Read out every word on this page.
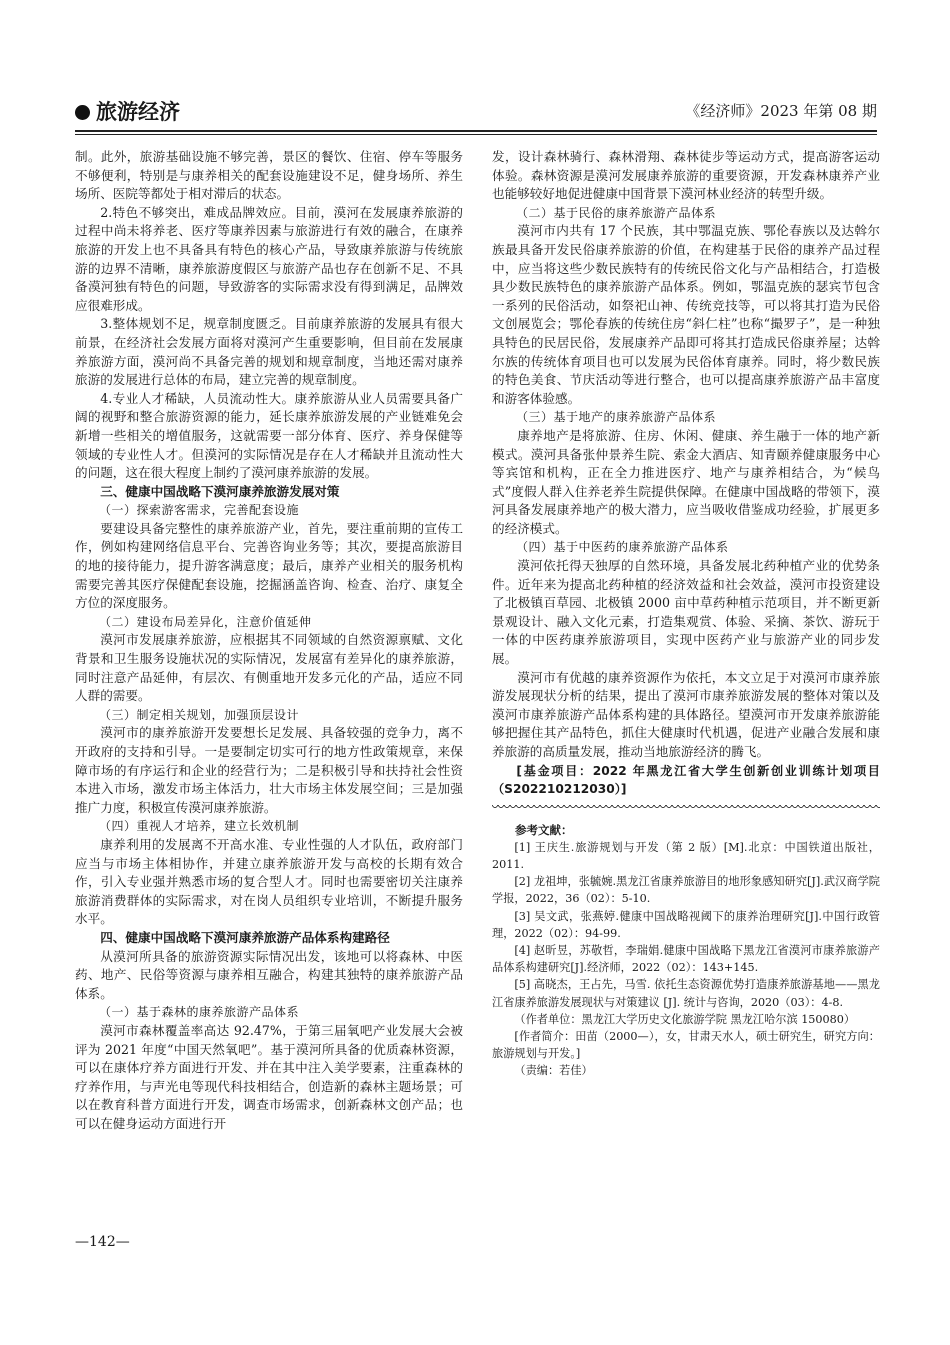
旅游经济	《经济师》2023 年第 08 期

制。此外，旅游基础设施不够完善，景区的餐饮、住宿、停车等服务不够便利，特别是与康养相关的配套设施建设不足，健身场所、养生场所、医院等都处于相对滞后的状态。

2.特色不够突出，难成品牌效应。目前，漠河在发展康养旅游的过程中尚未将养老、医疗等康养因素与旅游进行有效的融合，在康养旅游的开发上也不具备具有特色的核心产品，导致康养旅游与传统旅游的边界不清晰，康养旅游度假区与旅游产品也存在创新不足、不具备漠河独有特色的问题，导致游客的实际需求没有得到满足，品牌效应很难形成。

3.整体规划不足，规章制度匮乏。目前康养旅游的发展具有很大前景，在经济社会发展方面将对漠河产生重要影响，但目前在发展康养旅游方面，漠河尚不具备完善的规划和规章制度，当地还需对康养旅游的发展进行总体的布局，建立完善的规章制度。

4.专业人才稀缺，人员流动性大。康养旅游从业人员需要具备广阔的视野和整合旅游资源的能力，延长康养旅游发展的产业链难免会新增一些相关的增值服务，这就需要一部分体育、医疗、养身保健等领域的专业性人才。但漠河的实际情况是存在人才稀缺并且流动性大的问题，这在很大程度上制约了漠河康养旅游的发展。

三、健康中国战略下漠河康养旅游发展对策

（一）探索游客需求，完善配套设施

要建设具备完整性的康养旅游产业，首先，要注重前期的宣传工作，例如构建网络信息平台、完善咨询业务等；其次，要提高旅游目的地的接待能力，提升游客满意度；最后，康养产业相关的服务机构需要完善其医疗保健配套设施，挖掘涵盖咨询、检查、治疗、康复全方位的深度服务。

（二）建设布局差异化，注意价值延伸

漠河市发展康养旅游，应根据其不同领域的自然资源禀赋、文化背景和卫生服务设施状况的实际情况，发展富有差异化的康养旅游，同时注意产品延伸，有层次、有侧重地开发多元化的产品，适应不同人群的需要。

（三）制定相关规划，加强顶层设计

漠河市的康养旅游开发要想长足发展、具备较强的竞争力，离不开政府的支持和引导。一是要制定切实可行的地方性政策规章，来保障市场的有序运行和企业的经营行为；二是积极引导和扶持社会性资本进入市场，激发市场主体活力，壮大市场主体发展空间；三是加强推广力度，积极宣传漠河康养旅游。

（四）重视人才培养，建立长效机制

康养利用的发展离不开高水准、专业性强的人才队伍，政府部门应当与市场主体相协作，并建立康养旅游开发与高校的长期有效合作，引入专业强并熟悉市场的复合型人才。同时也需要密切关注康养旅游消费群体的实际需求，对在岗人员组织专业培训，不断提升服务水平。

四、健康中国战略下漠河康养旅游产品体系构建路径

从漠河所具备的旅游资源实际情况出发，该地可以将森林、中医药、地产、民俗等资源与康养相互融合，构建其独特的康养旅游产品体系。

（一）基于森林的康养旅游产品体系

漠河市森林覆盖率高达 92.47%，于第三届氧吧产业发展大会被评为 2021 年度“中国天然氧吧”。基于漠河所具备的优质森林资源，可以在康体疗养方面进行开发、并在其中注入美学要素，注重森林的疗养作用，与声光电等现代科技相结合，创造新的森林主题场景；可以在教育科普方面进行开发，调查市场需求，创新森林文创产品；也可以在健身运动方面进行开

发，设计森林骑行、森林滑翔、森林徒步等运动方式，提高游客运动体验。森林资源是漠河发展康养旅游的重要资源，开发森林康养产业也能够较好地促进健康中国背景下漠河林业经济的转型升级。

（二）基于民俗的康养旅游产品体系

漠河市内共有 17 个民族，其中鄂温克族、鄂伦春族以及达斡尔族最具备开发民俗康养旅游的价值，在构建基于民俗的康养产品过程中，应当将这些少数民族特有的传统民俗文化与产品相结合，打造极具少数民族特色的康养旅游产品体系。例如，鄂温克族的瑟宾节包含一系列的民俗活动，如祭祀山神、传统竞技等，可以将其打造为民俗文创展览会；鄂伦春族的传统住房“斜仁柱”也称“撮罗子”，是一种独具特色的民居民俗，发展康养产品即可将其打造成民俗康养屋；达斡尔族的传统体育项目也可以发展为民俗体育康养。同时，将少数民族的特色美食、节庆活动等进行整合，也可以提高康养旅游产品丰富度和游客体验感。

（三）基于地产的康养旅游产品体系

康养地产是将旅游、住房、休闲、健康、养生融于一体的地产新模式。漠河具备张仲景养生院、索金大酒店、知青颐养健康服务中心等宾馆和机构，正在全力推进医疗、地产与康养相结合，为“候鸟式”度假人群入住养老养生院提供保障。在健康中国战略的带领下，漠河具备发展康养地产的极大潜力，应当吸收借鉴成功经验，扩展更多的经济模式。

（四）基于中医药的康养旅游产品体系

漠河依托得天独厚的自然环境，具备发展北药种植产业的优势条件。近年来为提高北药种植的经济效益和社会效益，漠河市投资建设了北极镇百草园、北极镇 2000 亩中草药种植示范项目，并不断更新景观设计、融入文化元素，打造集观赏、体验、采摘、茶饮、游玩于一体的中医药康养旅游项目，实现中医药产业与旅游产业的同步发展。

漠河市有优越的康养资源作为依托，本文立足于对漠河市康养旅游发展现状分析的结果，提出了漠河市康养旅游发展的整体对策以及漠河市康养旅游产品体系构建的具体路径。望漠河市开发康养旅游能够把握住其产品特色，抓住大健康时代机遇，促进产业融合发展和康养旅游的高质量发展，推动当地旅游经济的腾飞。

[基金项目：2022 年黑龙江省大学生创新创业训练计划项目（S202210212030）]

参考文献：

[1] 王庆生.旅游规划与开发（第 2 版）[M].北京：中国铁道出版社，2011.

[2] 龙祖坤，张毓婉.黑龙江省康养旅游目的地形象感知研究[J].武汉商学院学报，2022，36（02）：5-10.

[3] 吴文武，张燕婷.健康中国战略视阈下的康养治理研究[J].中国行政管理，2022（02）：94-99.

[4] 赵昕昱，苏敬哲，李瑞娟.健康中国战略下黑龙江省漠河市康养旅游产品体系构建研究[J].经济师，2022（02）：143+145.

[5] 高晓杰，王占先，马雪. 依托生态资源优势打造康养旅游基地——黑龙江省康养旅游发展现状与对策建议 [J]. 统计与咨询，2020（03）：4-8.

（作者单位：黑龙江大学历史文化旅游学院 黑龙江哈尔滨 150080）

[作者简介：田苗（2000—），女，甘肃天水人，硕士研究生，研究方向：旅游规划与开发。]

（责编：若佳）

—142—
